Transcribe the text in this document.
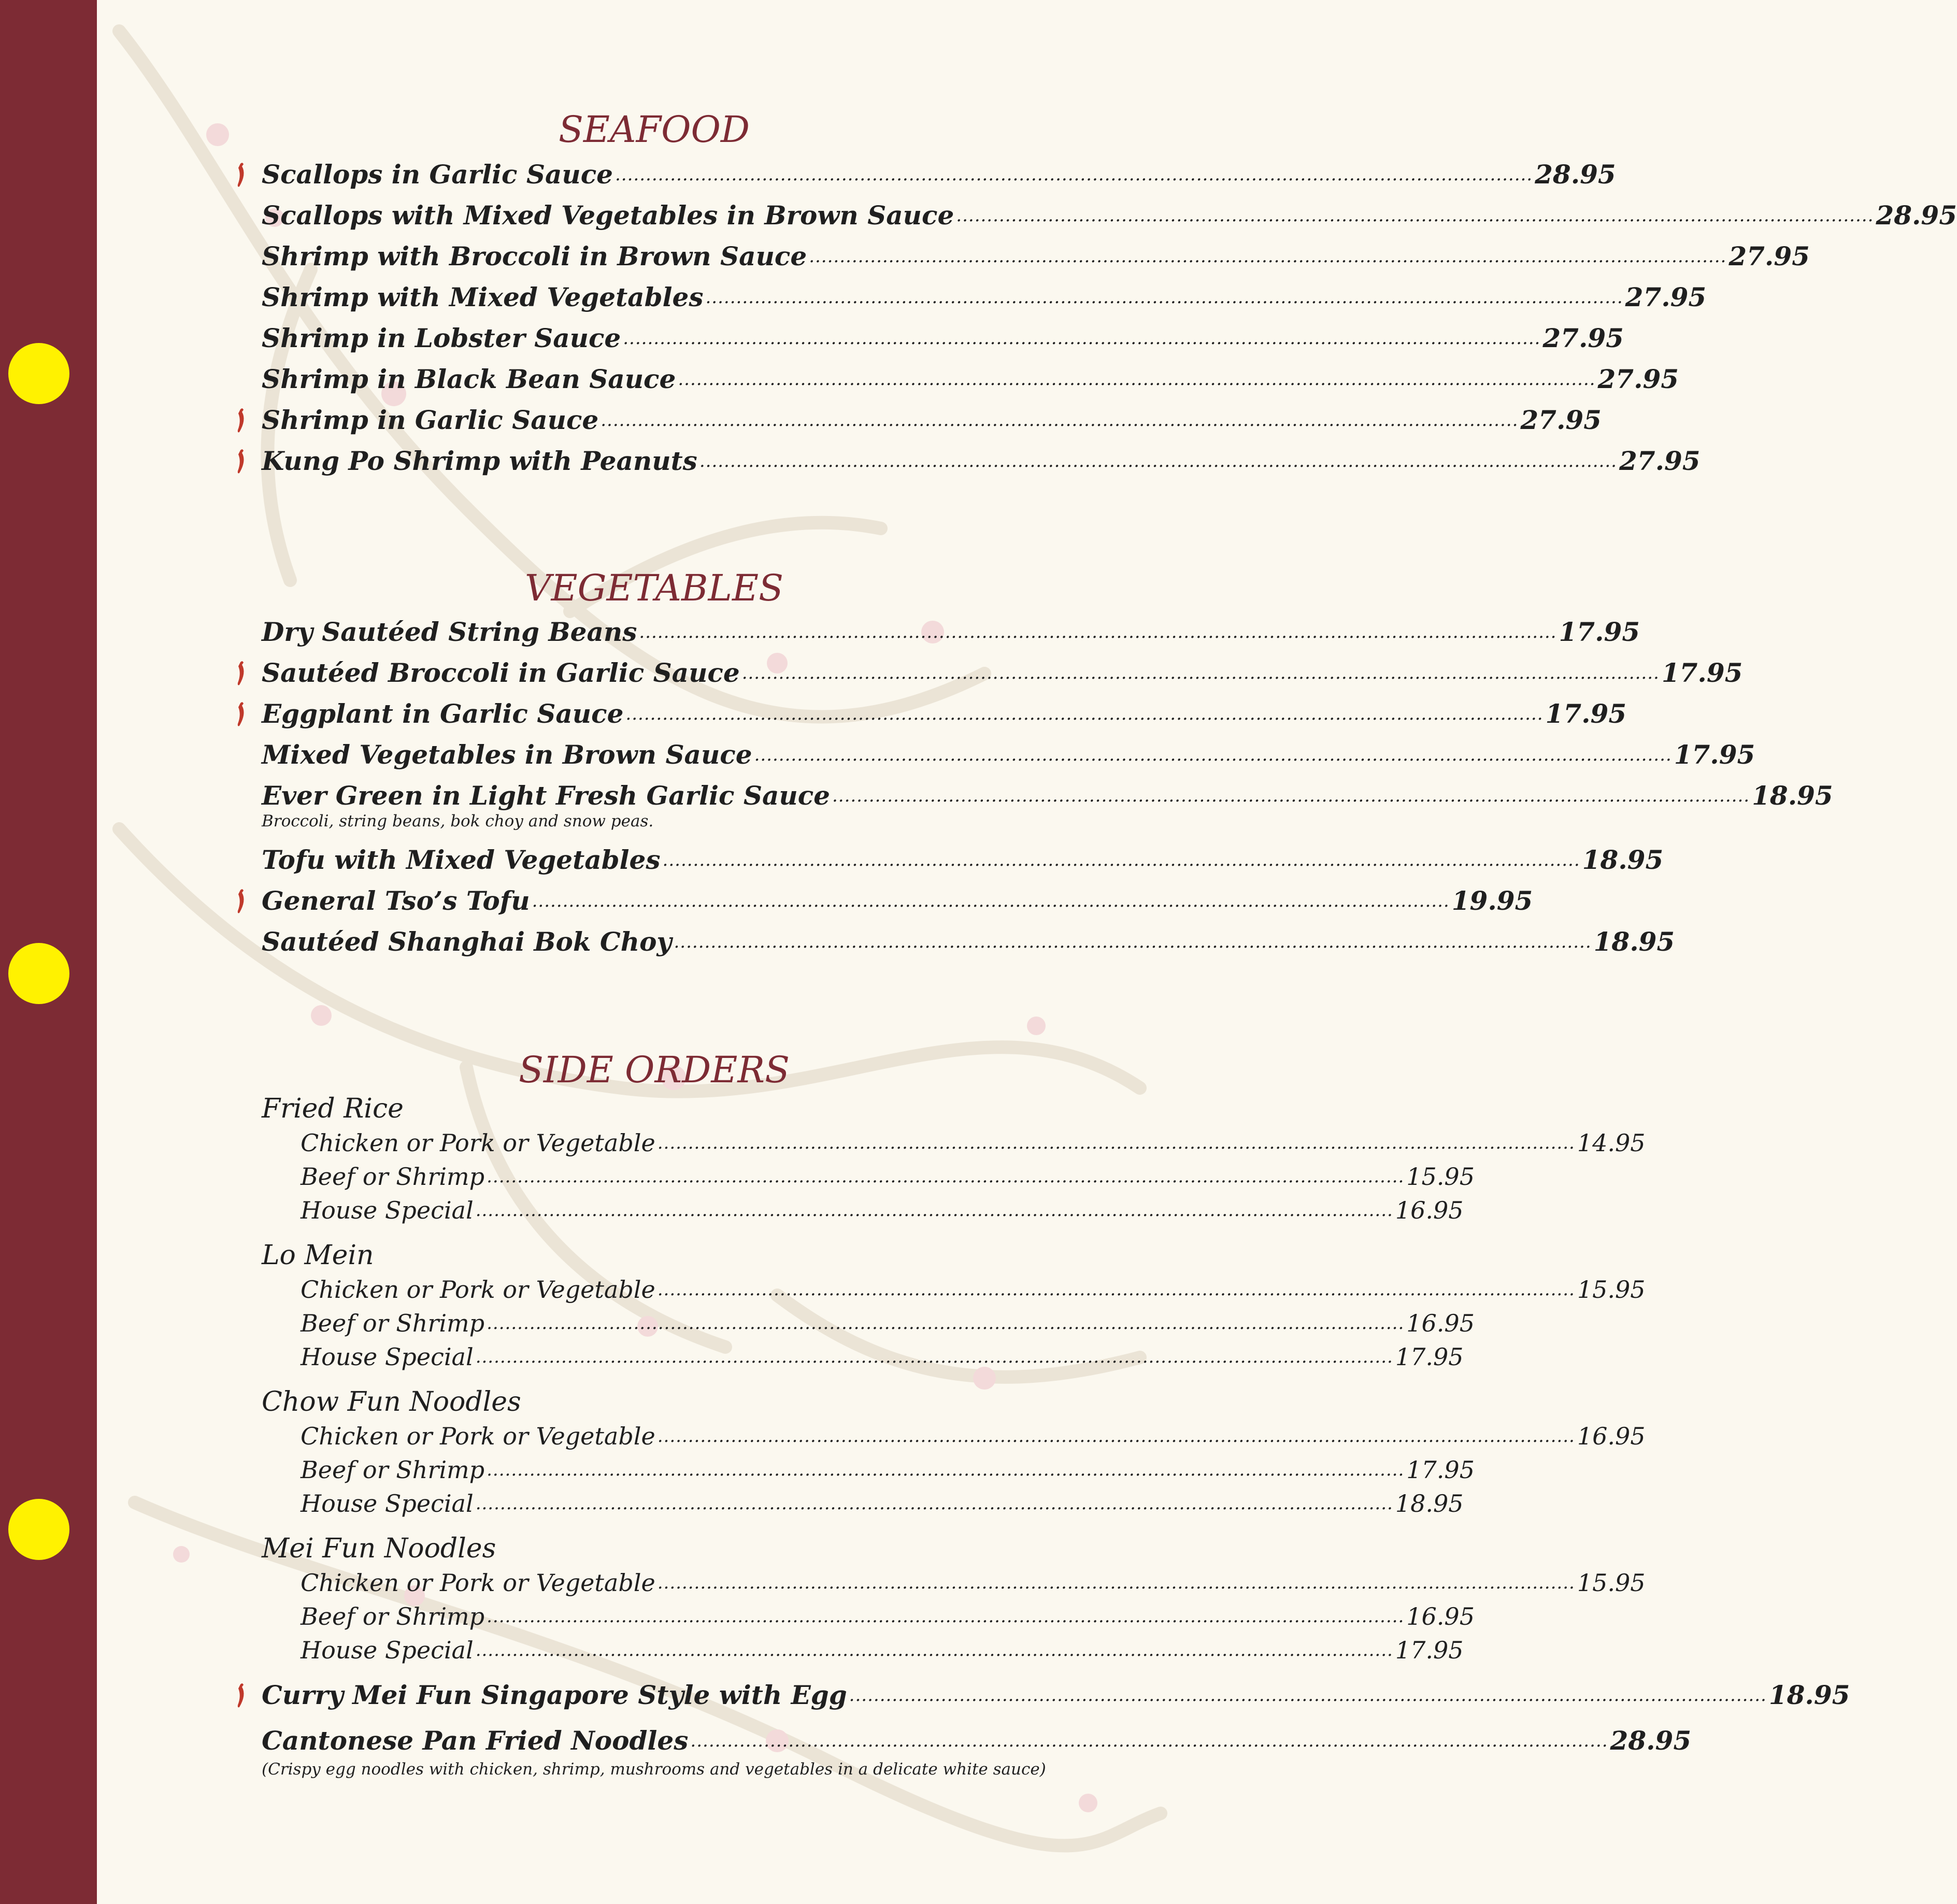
SEAFOOD
Scallops in Garlic Sauce ...................................................................................................................................................... 28.95
Scallops with Mixed Vegetables in Brown Sauce ...................................................................................................................................................... 28.95
Shrimp with Broccoli in Brown Sauce ...................................................................................................................................................... 27.95
Shrimp with Mixed Vegetables ...................................................................................................................................................... 27.95
Shrimp in Lobster Sauce ...................................................................................................................................................... 27.95
Shrimp in Black Bean Sauce ...................................................................................................................................................... 27.95
Shrimp in Garlic Sauce ...................................................................................................................................................... 27.95
Kung Po Shrimp with Peanuts ...................................................................................................................................................... 27.95
VEGETABLES
Dry Sautéed String Beans ...................................................................................................................................................... 17.95
Sautéed Broccoli in Garlic Sauce ...................................................................................................................................................... 17.95
Eggplant in Garlic Sauce ...................................................................................................................................................... 17.95
Mixed Vegetables in Brown Sauce ...................................................................................................................................................... 17.95
Ever Green in Light Fresh Garlic Sauce ...................................................................................................................................................... 18.95
Broccoli, string beans, bok choy and snow peas.
Tofu with Mixed Vegetables ...................................................................................................................................................... 18.95
General Tso’s Tofu ...................................................................................................................................................... 19.95
Sautéed Shanghai Bok Choy ...................................................................................................................................................... 18.95
SIDE ORDERS
Fried Rice
Chicken or Pork or Vegetable ...................................................................................................................................................... 14.95
Beef or Shrimp ...................................................................................................................................................... 15.95
House Special ...................................................................................................................................................... 16.95
Lo Mein
Chicken or Pork or Vegetable ...................................................................................................................................................... 15.95
Beef or Shrimp ...................................................................................................................................................... 16.95
House Special ...................................................................................................................................................... 17.95
Chow Fun Noodles
Chicken or Pork or Vegetable ...................................................................................................................................................... 16.95
Beef or Shrimp ...................................................................................................................................................... 17.95
House Special ...................................................................................................................................................... 18.95
Mei Fun Noodles
Chicken or Pork or Vegetable ...................................................................................................................................................... 15.95
Beef or Shrimp ...................................................................................................................................................... 16.95
House Special ...................................................................................................................................................... 17.95
Curry Mei Fun Singapore Style with Egg ...................................................................................................................................................... 18.95
Cantonese Pan Fried Noodles ...................................................................................................................................................... 28.95
(Crispy egg noodles with chicken, shrimp, mushrooms and vegetables in a delicate white sauce)
